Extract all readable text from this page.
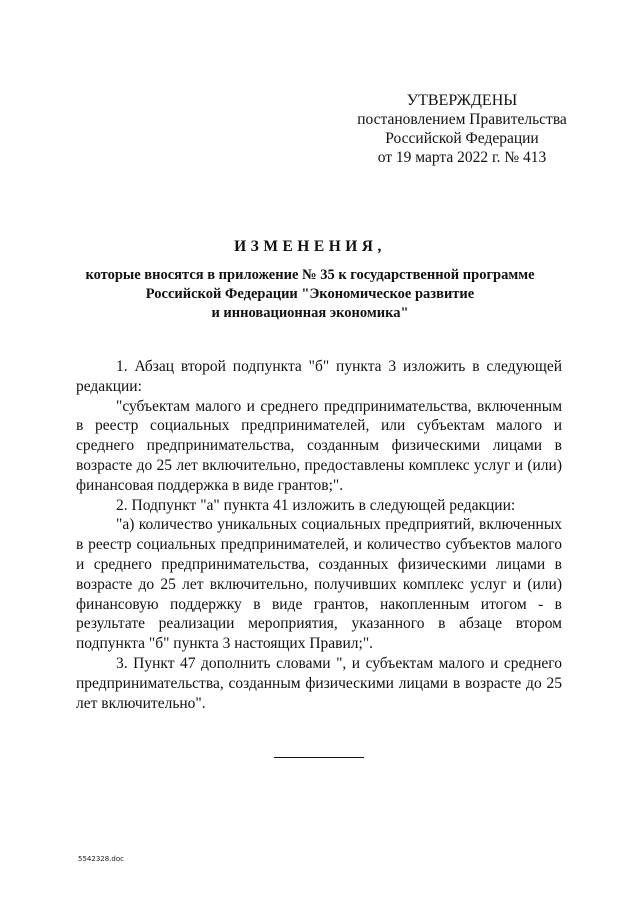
УТВЕРЖДЕНЫ
постановлением Правительства
Российской Федерации
от 19 марта 2022 г. № 413
ИЗМЕНЕНИЯ,
которые вносятся в приложение № 35 к государственной программе
Российской Федерации "Экономическое развитие
и инновационная экономика"

1. Абзац второй подпункта "б" пункта 3 изложить в следующей редакции:

"субъектам малого и среднего предпринимательства, включенным в реестр социальных предпринимателей, или субъектам малого и среднего предпринимательства, созданным физическими лицами в возрасте до 25 лет включительно, предоставлены комплекс услуг и (или) финансовая поддержка в виде грантов;".

2. Подпункт "а" пункта 41 изложить в следующей редакции:

"а) количество уникальных социальных предприятий, включенных в реестр социальных предпринимателей, и количество субъектов малого и среднего предпринимательства, созданных физическими лицами в возрасте до 25 лет включительно, получивших комплекс услуг и (или) финансовую поддержку в виде грантов, накопленным итогом - в результате реализации мероприятия, указанного в абзаце втором подпункта "б" пункта 3 настоящих Правил;".

3. Пункт 47 дополнить словами ", и субъектам малого и среднего предпринимательства, созданным физическими лицами в возрасте до 25 лет включительно".

5542328.doc
